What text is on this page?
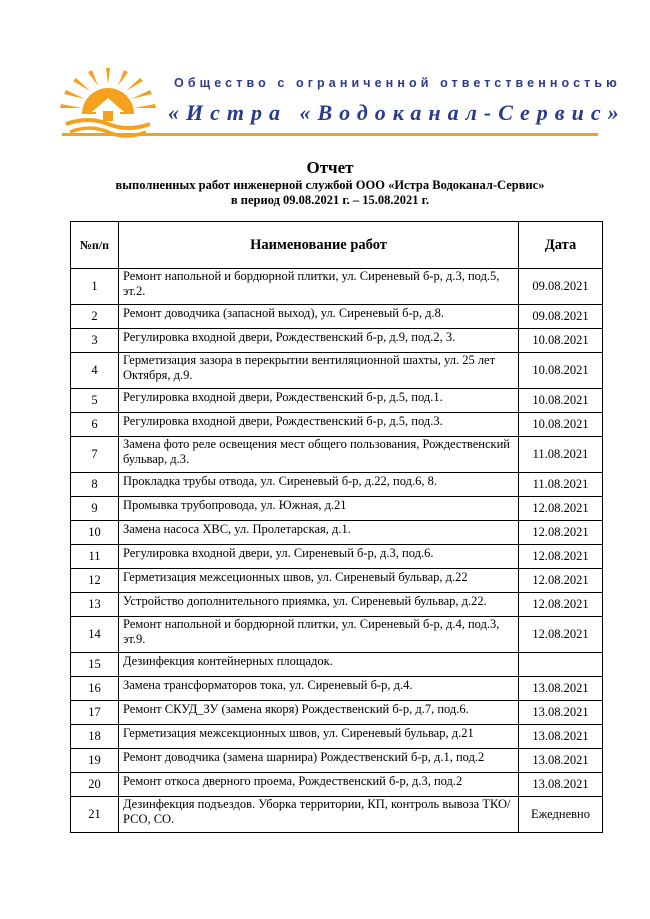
Общество с ограниченной ответственностью
«Истра «Водоканал-Сервис»
Отчет
выполненных работ инженерной службой ООО «Истра Водоканал-Сервис»
в период 09.08.2021 г. – 15.08.2021 г.
№п/п	Наименование работ	Дата
1	Ремонт напольной и бордюрной плитки, ул. Сиреневый б-р, д.3, под.5, эт.2.	09.08.2021
2	Ремонт доводчика (запасной выход), ул. Сиреневый б-р, д.8.	09.08.2021
3	Регулировка входной двери, Рождественский б-р, д.9, под.2, 3.	10.08.2021
4	Герметизация зазора в перекрытии вентиляционной шахты, ул. 25 лет Октября, д.9.	10.08.2021
5	Регулировка входной двери, Рождественский б-р, д.5, под.1.	10.08.2021
6	Регулировка входной двери, Рождественский б-р, д.5, под.3.	10.08.2021
7	Замена фото реле освещения мест общего пользования, Рождественский бульвар, д.3.	11.08.2021
8	Прокладка трубы отвода, ул. Сиреневый б-р, д.22, под.6, 8.	11.08.2021
9	Промывка трубопровода, ул. Южная, д.21	12.08.2021
10	Замена насоса ХВС, ул. Пролетарская, д.1.	12.08.2021
11	Регулировка входной двери, ул. Сиреневый б-р, д.3, под.6.	12.08.2021
12	Герметизация межсеционных швов, ул. Сиреневый бульвар, д.22	12.08.2021
13	Устройство дополнительного приямка, ул. Сиреневый бульвар, д.22.	12.08.2021
14	Ремонт напольной и бордюрной плитки, ул. Сиреневый б-р, д.4, под.3, эт.9.	12.08.2021
15	Дезинфекция контейнерных площадок.	

16	Замена трансформаторов тока, ул. Сиреневый б-р, д.4.	13.08.2021
17	Ремонт СКУД_ЗУ (замена якоря) Рождественский б-р, д.7, под.6.	13.08.2021
18	Герметизация межсекционных швов, ул. Сиреневый бульвар, д.21	13.08.2021
19	Ремонт доводчика (замена шарнира) Рождественский б-р, д.1, под.2	13.08.2021
20	Ремонт откоса дверного проема, Рождественский б-р, д.3, под.2	13.08.2021
21	Дезинфекция подъездов. Уборка территории, КП, контроль вывоза ТКО/РСО, СО.	Ежедневно
